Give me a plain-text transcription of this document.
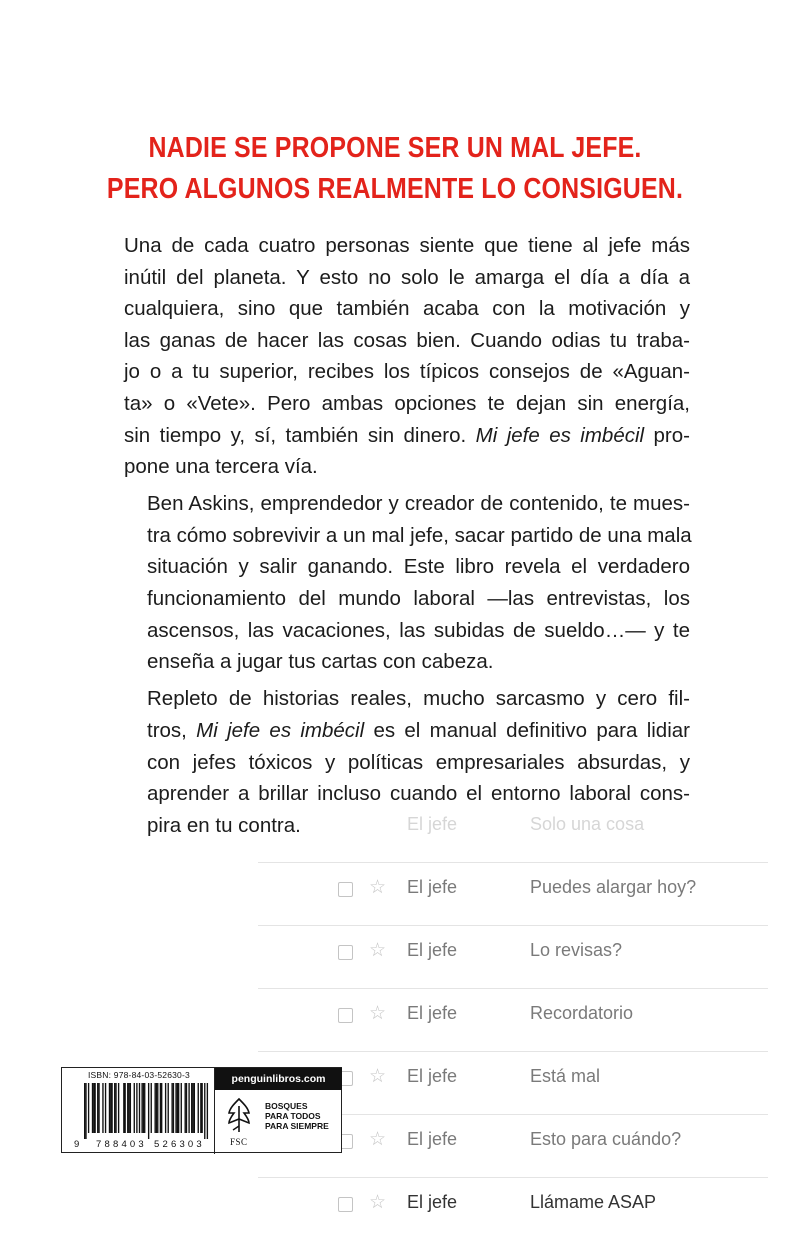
NADIE SE PROPONE SER UN MAL JEFE.
PERO ALGUNOS REALMENTE LO CONSIGUEN.

Una de cada cuatro personas siente que tiene al jefe más
inútil del planeta. Y esto no solo le amarga el día a día a
cualquiera, sino que también acaba con la motivación y
las ganas de hacer las cosas bien. Cuando odias tu traba-
jo o a tu superior, recibes los típicos consejos de «Aguan-
ta» o «Vete». Pero ambas opciones te dejan sin energía,
sin tiempo y, sí, también sin dinero. Mi jefe es imbécil pro-
pone una tercera vía.

Ben Askins, emprendedor y creador de contenido, te mues-
tra cómo sobrevivir a un mal jefe, sacar partido de una mala
situación y salir ganando. Este libro revela el verdadero
funcionamiento del mundo laboral —las entrevistas, los
ascensos, las vacaciones, las subidas de sueldo…— y te
enseña a jugar tus cartas con cabeza.

Repleto de historias reales, mucho sarcasmo y cero fil-
tros, Mi jefe es imbécil es el manual definitivo para lidiar
con jefes tóxicos y políticas empresariales absurdas, y
aprender a brillar incluso cuando el entorno laboral cons-
pira en tu contra.	El jefe	Solo una cosa
☆ El jefe	Puedes alargar hoy?
☆ El jefe	Lo revisas?
☆ El jefe	Recordatorio
☆ El jefe	Está mal
☆ El jefe	Esto para cuándo?
☆ El jefe	Llámame ASAP
ISBN: 978-84-03-52630-3
9 788403 526303
penguinlibros.com
FSC
BOSQUES
PARA TODOS
PARA SIEMPRE
